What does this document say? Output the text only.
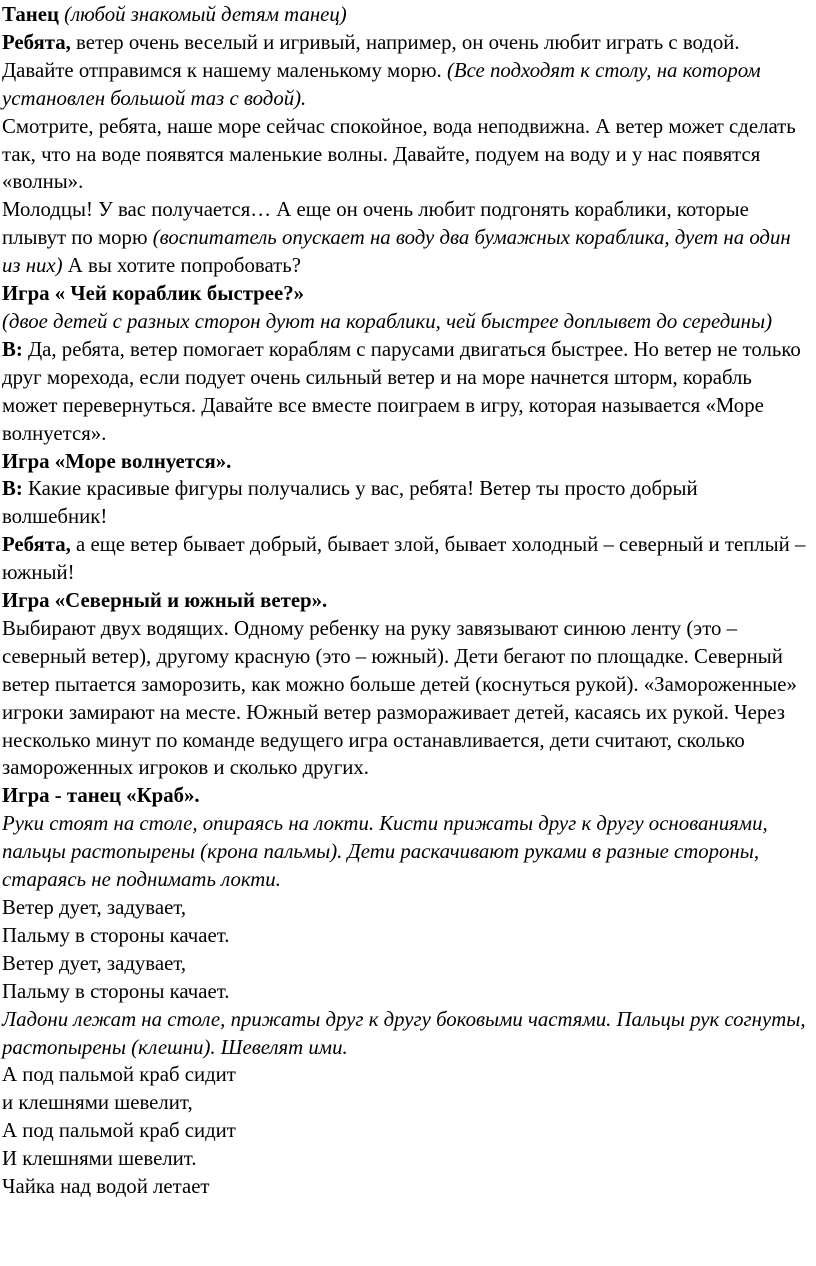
Танец (любой знакомый детям танец)

Ребята, ветер очень веселый и игривый, например, он очень любит играть с водой. Давайте отправимся к нашему маленькому морю. (Все подходят к столу, на котором установлен большой таз с водой).

Смотрите, ребята, наше море сейчас спокойное, вода неподвижна. А ветер может сделать так, что на воде появятся маленькие волны. Давайте, подуем на воду и у нас появятся «волны».

Молодцы! У вас получается… А еще он очень любит подгонять кораблики, которые плывут по морю (воспитатель опускает на воду два бумажных кораблика, дует на один из них) А вы хотите попробовать?

Игра « Чей кораблик быстрее?»

(двое детей с разных сторон дуют на кораблики, чей быстрее доплывет до середины)

В: Да, ребята, ветер помогает кораблям с парусами двигаться быстрее. Но ветер не только друг морехода, если подует очень сильный ветер и на море начнется шторм, корабль может перевернуться. Давайте все вместе поиграем в игру, которая называется «Море волнуется».

Игра «Море волнуется».

В: Какие красивые фигуры получались у вас, ребята! Ветер ты просто добрый волшебник!

Ребята, а еще ветер бывает добрый, бывает злой, бывает холодный – северный и теплый – южный!

Игра «Северный и южный ветер».

Выбирают двух водящих. Одному ребенку на руку завязывают синюю ленту (это – северный ветер), другому красную (это – южный). Дети бегают по площадке. Северный ветер пытается заморозить, как можно больше детей (коснуться рукой). «Замороженные» игроки замирают на месте. Южный ветер размораживает детей, касаясь их рукой. Через несколько минут по команде ведущего игра останавливается, дети считают, сколько замороженных игроков и сколько других.

Игра - танец «Краб».

Руки стоят на столе, опираясь на локти. Кисти прижаты друг к другу основаниями, пальцы растопырены (крона пальмы). Дети раскачивают руками в разные стороны, стараясь не поднимать локти.

Ветер дует, задувает,

Пальму в стороны качает.

Ветер дует, задувает,

Пальму в стороны качает.

Ладони лежат на столе, прижаты друг к другу боковыми частями. Пальцы рук согнуты, растопырены (клешни). Шевелят ими.

А под пальмой краб сидит

и клешнями шевелит,

А под пальмой краб сидит

И клешнями шевелит.

Чайка над водой летает
